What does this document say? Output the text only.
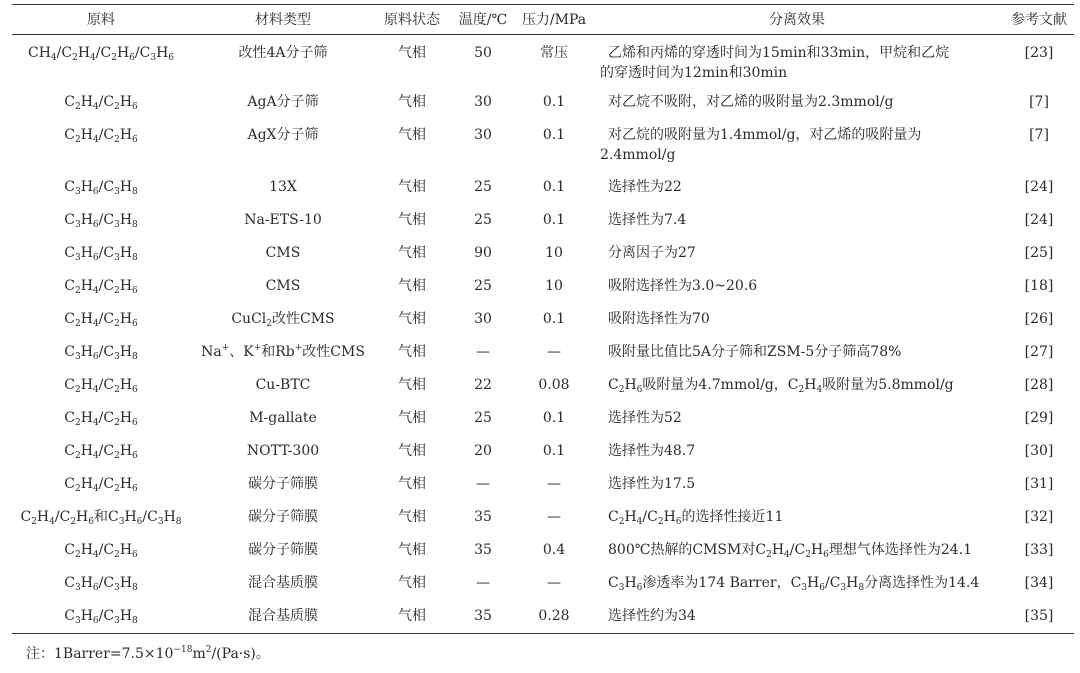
原料	材料类型	原料状态	温度/℃	压力/MPa	分离效果	参考文献
$CH_4/C_2H_4/C_2H_6/C_3H_6$	改性4A分子筛	气相	50	常压	乙烯和丙烯的穿透时间为15min和33min，甲烷和乙烷
的穿透时间为12min和30min	[23]
$C_2H_4/C_2H_6$	AgA分子筛	气相	30	0.1	对乙烷不吸附，对乙烯的吸附量为2.3mmol/g	[7]
$C_2H_4/C_2H_6$	AgX分子筛	气相	30	0.1	对乙烷的吸附量为1.4mmol/g，对乙烯的吸附量为
2.4mmol/g	[7]
$C_3H_6/C_3H_8$	13X	气相	25	0.1	选择性为22	[24]
$C_3H_6/C_3H_8$	Na-ETS-10	气相	25	0.1	选择性为7.4	[24]
$C_3H_6/C_3H_8$	CMS	气相	90	10	分离因子为27	[25]
$C_2H_4/C_2H_6$	CMS	气相	25	10	吸附选择性为3.0~20.6	[18]
$C_2H_4/C_2H_6$	CuCl$_2$改性CMS	气相	30	0.1	吸附选择性为70	[26]
$C_3H_6/C_3H_8$	Na+、K+和Rb+改性CMS	气相	—	—	吸附量比值比5A分子筛和ZSM-5分子筛高78%	[27]
$C_2H_4/C_2H_6$	Cu-BTC	气相	22	0.08	$C_2H_6$吸附量为4.7mmol/g，$C_2H_4$吸附量为5.8mmol/g	[28]
$C_2H_4/C_2H_6$	M-gallate	气相	25	0.1	选择性为52	[29]
$C_2H_4/C_2H_6$	NOTT-300	气相	20	0.1	选择性为48.7	[30]
$C_2H_4/C_2H_6$	碳分子筛膜	气相	—	—	选择性为17.5	[31]
$C_2H_4/C_2H_6$和$C_3H_6/C_3H_8$	碳分子筛膜	气相	35	—	$C_2H_4/C_2H_6$的选择性接近11	[32]
$C_2H_4/C_2H_6$	碳分子筛膜	气相	35	0.4	800℃热解的CMSM对$C_2H_4/C_2H_6$理想气体选择性为24.1	[33]
$C_3H_6/C_3H_8$	混合基质膜	气相	—	—	$C_3H_6$渗透率为174 Barrer，$C_3H_6/C_3H_8$分离选择性为14.4	[34]
$C_3H_6/C_3H_8$	混合基质膜	气相	35	0.28	选择性约为34	[35]
注：$1Barrer=7.5\times 10^{-18}m^2/(Pa\cdot s)$。
